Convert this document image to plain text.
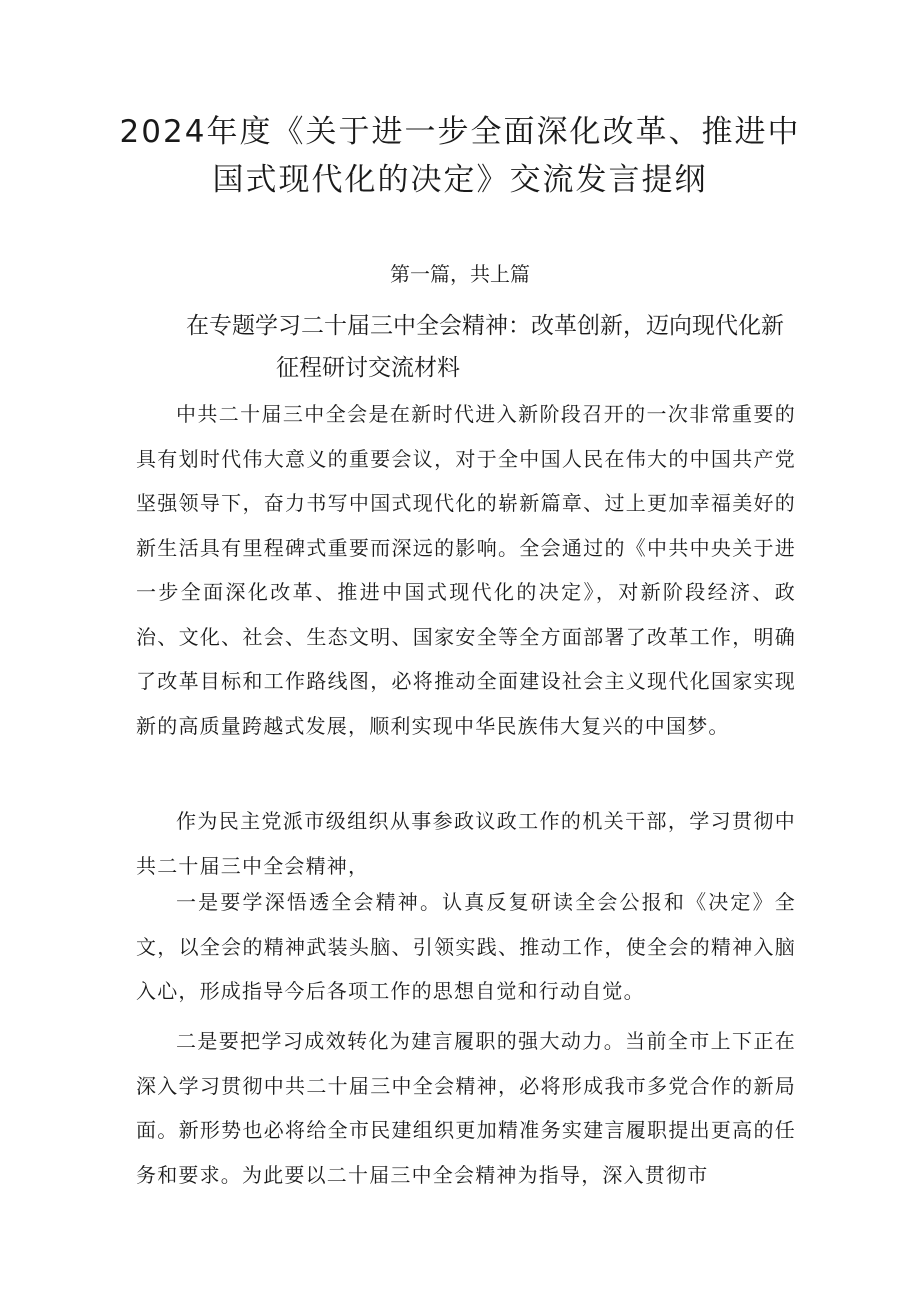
2024年度《关于进一步全面深化改革、推进中国式现代化的决定》交流发言提纲

第一篇，共上篇

在专题学习二十届三中全会精神：改革创新，迈向现代化新
征程研讨交流材料

中共二十届三中全会是在新时代进入新阶段召开的一次非常重要的具有划时代伟大意义的重要会议，对于全中国人民在伟大的中国共产党坚强领导下，奋力书写中国式现代化的崭新篇章、过上更加幸福美好的新生活具有里程碑式重要而深远的影响。全会通过的《中共中央关于进一步全面深化改革、推进中国式现代化的决定》，对新阶段经济、政治、文化、社会、生态文明、国家安全等全方面部署了改革工作，明确了改革目标和工作路线图，必将推动全面建设社会主义现代化国家实现新的高质量跨越式发展，顺利实现中华民族伟大复兴的中国梦。

作为民主党派市级组织从事参政议政工作的机关干部，学习贯彻中共二十届三中全会精神，

一是要学深悟透全会精神。认真反复研读全会公报和《决定》全文，以全会的精神武装头脑、引领实践、推动工作，使全会的精神入脑入心，形成指导今后各项工作的思想自觉和行动自觉。

二是要把学习成效转化为建言履职的强大动力。当前全市上下正在深入学习贯彻中共二十届三中全会精神，必将形成我市多党合作的新局面。新形势也必将给全市民建组织更加精准务实建言履职提出更高的任务和要求。为此要以二十届三中全会精神为指导，深入贯彻市
